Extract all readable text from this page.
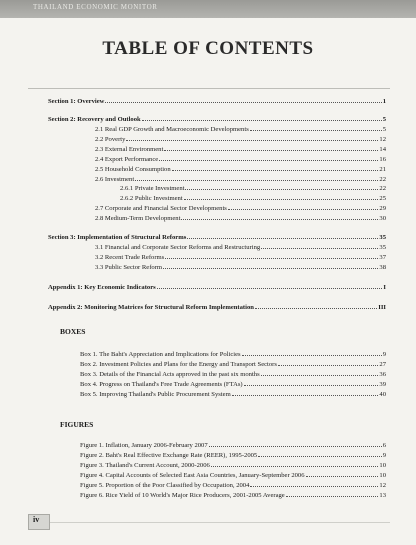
THAILAND ECONOMIC MONITOR
TABLE OF CONTENTS
Section 1: Overview	1
Section 2: Recovery and Outlook	5
2.1 Real GDP Growth and Macroeconomic Developments	5
2.2 Poverty	12
2.3 External Environment	14
2.4 Export Performance	16
2.5 Household Consumption	21
2.6 Investment	22
2.6.1 Private Investment	22
2.6.2 Public Investment	25
2.7 Corporate and Financial Sector Developments	29
2.8 Medium-Term Development	30
Section 3: Implementation of Structural Reforms	35
3.1 Financial and Corporate Sector Reforms and Restructuring	35
3.2 Recent Trade Reforms	37
3.3 Public Sector Reform	38
Appendix 1: Key Economic Indicators	I
Appendix 2: Monitoring Matrices for Structural Reform Implementation	III
Box 1. The Baht's Appreciation and Implications for Policies	9
Box 2. Investment Policies and Plans for the Energy and Transport Sectors	27
Box 3. Details of the Financial Acts approved in the past six months	36
Box 4. Progress on Thailand's Free Trade Agreements (FTAs)	39
Box 5. Improving Thailand's Public Procurement System	40
Figure 1. Inflation, January 2006-February 2007	6
Figure 2. Baht's Real Effective Exchange Rate (REER), 1995-2005	9
Figure 3. Thailand's Current Account, 2000-2006	10
Figure 4. Capital Accounts of Selected East Asia Countries, January-September 2006	10
Figure 5. Proportion of the Poor Classified by Occupation, 2004	12
Figure 6. Rice Yield of 10 World's Major Rice Producers, 2001-2005 Average	13
BOXES
FIGURES
iv
